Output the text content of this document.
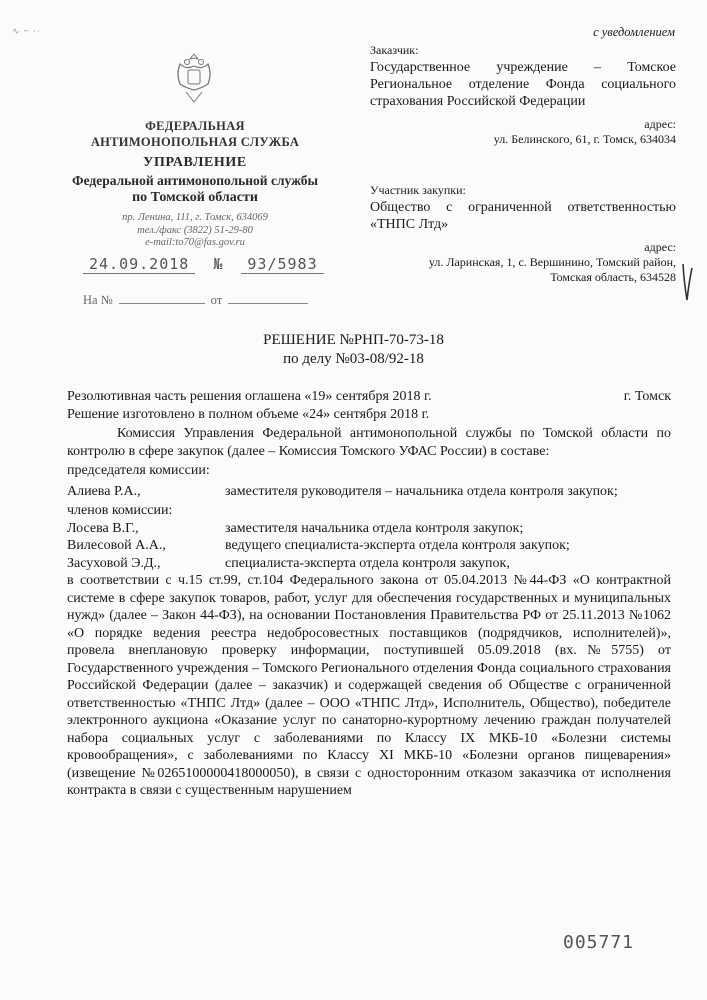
∿ ~ ··	с уведомлением
ФЕДЕРАЛЬНАЯ
АНТИМОНОПОЛЬНАЯ СЛУЖБА
УПРАВЛЕНИЕ
Федеральной антимонопольной службы
по Томской области
пр. Ленина, 111, г. Томск, 634069
тел./факс (3822) 51-29-80
e-mail:to70@fas.gov.ru
24.09.2018 № 93/5983
На №	от
Заказчик:
Государственное учреждение – Томское Региональное отделение Фонда социального страхования Российской Федерации
адрес:
ул. Белинского, 61, г. Томск, 634034
Участник закупки:
Общество с ограниченной ответственностью «ТНПС Лтд»
адрес:
ул. Ларинская, 1, с. Вершинино, Томский район,
Томская область, 634528
РЕШЕНИЕ №РНП-70-73-18
по делу №03-08/92-18
Резолютивная часть решения оглашена «19» сентября 2018 г.	г. Томск
Решение изготовлено в полном объеме «24» сентября 2018 г.
Комиссия Управления Федеральной антимонопольной службы по Томской области по контролю в сфере закупок (далее – Комиссия Томского УФАС России) в составе:
председателя комиссии:
Алиева Р.А.,	заместителя руководителя – начальника отдела контроля закупок;
членов комиссии:
Лосева В.Г.,	заместителя начальника отдела контроля закупок;
Вилесовой А.А.,	ведущего специалиста-эксперта отдела контроля закупок;
Засуховой Э.Д.,	специалиста-эксперта отдела контроля закупок,
в соответствии с ч.15 ст.99, ст.104 Федерального закона от 05.04.2013 №44-ФЗ «О контрактной системе в сфере закупок товаров, работ, услуг для обеспечения государственных и муниципальных нужд» (далее – Закон 44-ФЗ), на основании Постановления Правительства РФ от 25.11.2013 №1062 «О порядке ведения реестра недобросовестных поставщиков (подрядчиков, исполнителей)», провела внеплановую проверку информации, поступившей 05.09.2018 (вх.№5755) от Государственного учреждения – Томского Регионального отделения Фонда социального страхования Российской Федерации (далее – заказчик) и содержащей сведения об Обществе с ограниченной ответственностью «ТНПС Лтд» (далее – ООО «ТНПС Лтд», Исполнитель, Общество), победителе электронного аукциона «Оказание услуг по санаторно-курортному лечению граждан получателей набора социальных услуг с заболеваниями по Классу IX МКБ-10 «Болезни системы кровообращения», с заболеваниями по Классу XI МКБ-10 «Болезни органов пищеварения» (извещение №0265100000418000050), в связи с односторонним отказом заказчика от исполнения контракта в связи с существенным нарушением
005771
